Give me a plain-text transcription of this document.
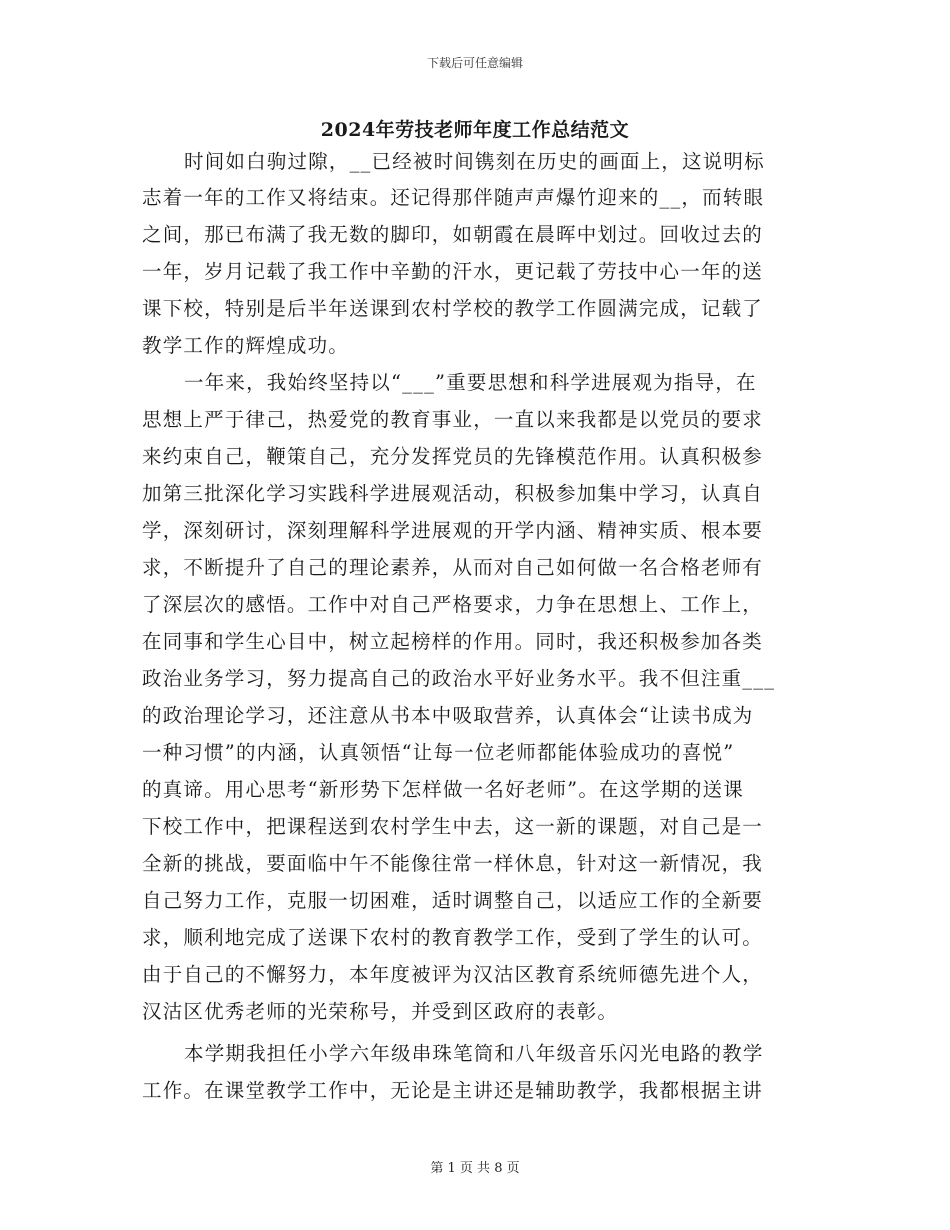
下载后可任意编辑
2024年劳技老师年度工作总结范文
时间如白驹过隙，__已经被时间镌刻在历史的画面上，这说明标
志着一年的工作又将结束。还记得那伴随声声爆竹迎来的__，而转眼
之间，那已布满了我无数的脚印，如朝霞在晨晖中划过。回收过去的
一年，岁月记载了我工作中辛勤的汗水，更记载了劳技中心一年的送
课下校，特别是后半年送课到农村学校的教学工作圆满完成，记载了
教学工作的辉煌成功。
一年来，我始终坚持以“___”重要思想和科学进展观为指导，在
思想上严于律己，热爱党的教育事业，一直以来我都是以党员的要求
来约束自己，鞭策自己，充分发挥党员的先锋模范作用。认真积极参
加第三批深化学习实践科学进展观活动，积极参加集中学习，认真自
学，深刻研讨，深刻理解科学进展观的开学内涵、精神实质、根本要
求，不断提升了自己的理论素养，从而对自己如何做一名合格老师有
了深层次的感悟。工作中对自己严格要求，力争在思想上、工作上，
在同事和学生心目中，树立起榜样的作用。同时，我还积极参加各类
政治业务学习，努力提高自己的政治水平好业务水平。我不但注重___
的政治理论学习，还注意从书本中吸取营养，认真体会“让读书成为
一种习惯”的内涵，认真领悟“让每一位老师都能体验成功的喜悦”
的真谛。用心思考“新形势下怎样做一名好老师”。在这学期的送课
下校工作中，把课程送到农村学生中去，这一新的课题，对自己是一
全新的挑战，要面临中午不能像往常一样休息，针对这一新情况，我
自己努力工作，克服一切困难，适时调整自己，以适应工作的全新要
求，顺利地完成了送课下农村的教育教学工作，受到了学生的认可。
由于自己的不懈努力，本年度被评为汉沽区教育系统师德先进个人，
汉沽区优秀老师的光荣称号，并受到区政府的表彰。
本学期我担任小学六年级串珠笔筒和八年级音乐闪光电路的教学
工作。在课堂教学工作中，无论是主讲还是辅助教学，我都根据主讲
第 1 页 共 8 页
